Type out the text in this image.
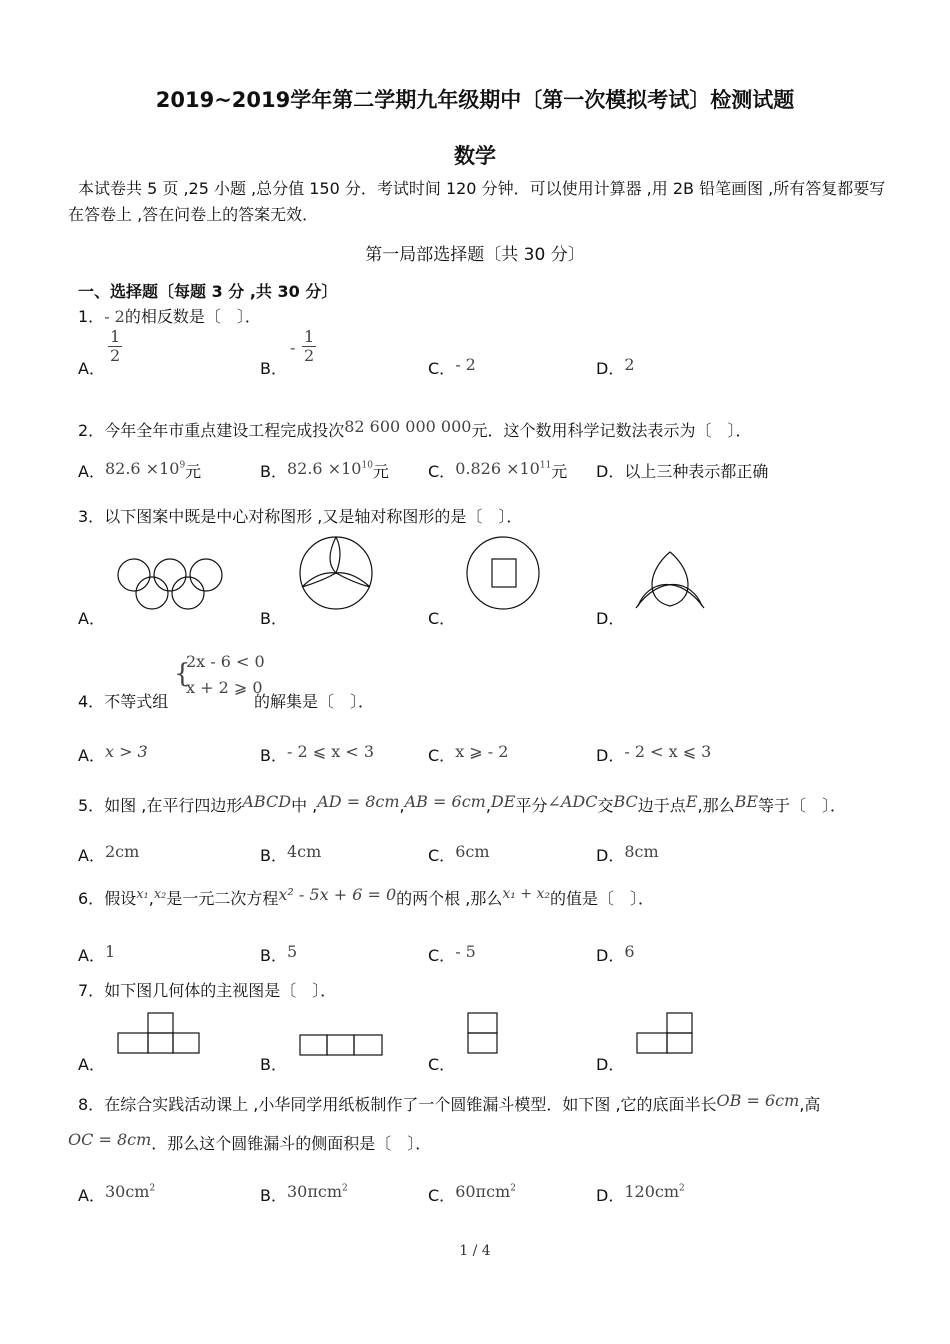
2019~2019学年第二学期九年级期中〔第一次模拟考试〕检测试题
数学
本试卷共 5 页 ,25 小题 ,总分值 150 分．考试时间 120 分钟．可以使用计算器 ,用 2B 铅笔画图 ,所有答复都要写在答卷上 ,答在问卷上的答案无效．
第一局部选择题〔共 30 分〕
一、选择题〔每题 3 分 ,共 30 分〕
1．- 2的相反数是〔　〕．
A．
$\frac{1}{2}$
B．
- $\frac{1}{2}$
C．- 2	D．2
2．今年全年市重点建设工程完成投次82 600 000 000元．这个数用科学记数法表示为〔　〕．
A．$82.6 \times 10^9$元	B．$82.6 \times 10^{10}$元 C．$0.826 \times 10^{11}$元 D．以上三种表示都正确
3．以下图案中既是中心对称图形 ,又是轴对称图形的是〔　〕．
A．	B．	C．	D．
4．不等式组
{
2x - 6 < 0
x + 2 ⩾ 0
的解集是〔　〕．
A．x > 3	B．- 2 ⩽ x < 3	C．x ⩾ - 2	D．- 2 < x ⩽ 3
5．如图 ,在平行四边形ABCD中 ,AD = 8cm,AB = 6cm,DE平分∠ADC交BC边于点E,那么BE等于〔　〕．
A．2cm	B．4cm	C．6cm	D．8cm
6．假设$^{x_1}$,$^{x_2}$是一元二次方程x² - 5x + 6 = 0的两个根 ,那么x₁ + x₂的值是〔　〕．
A．1	B．5	C．- 5	D．6
7．如下图几何体的主视图是〔　〕．
A．	B．	C．	D．
8．在综合实践活动课上 ,小华同学用纸板制作了一个圆锥漏斗模型．如下图 ,它的底面半长OB = 6cm,高
OC = 8cm．那么这个圆锥漏斗的侧面积是〔　〕．
A．$30cm^2$	B．30πcm$^2$	C．60πcm$^2$	D．$120cm^2$
1 / 4
